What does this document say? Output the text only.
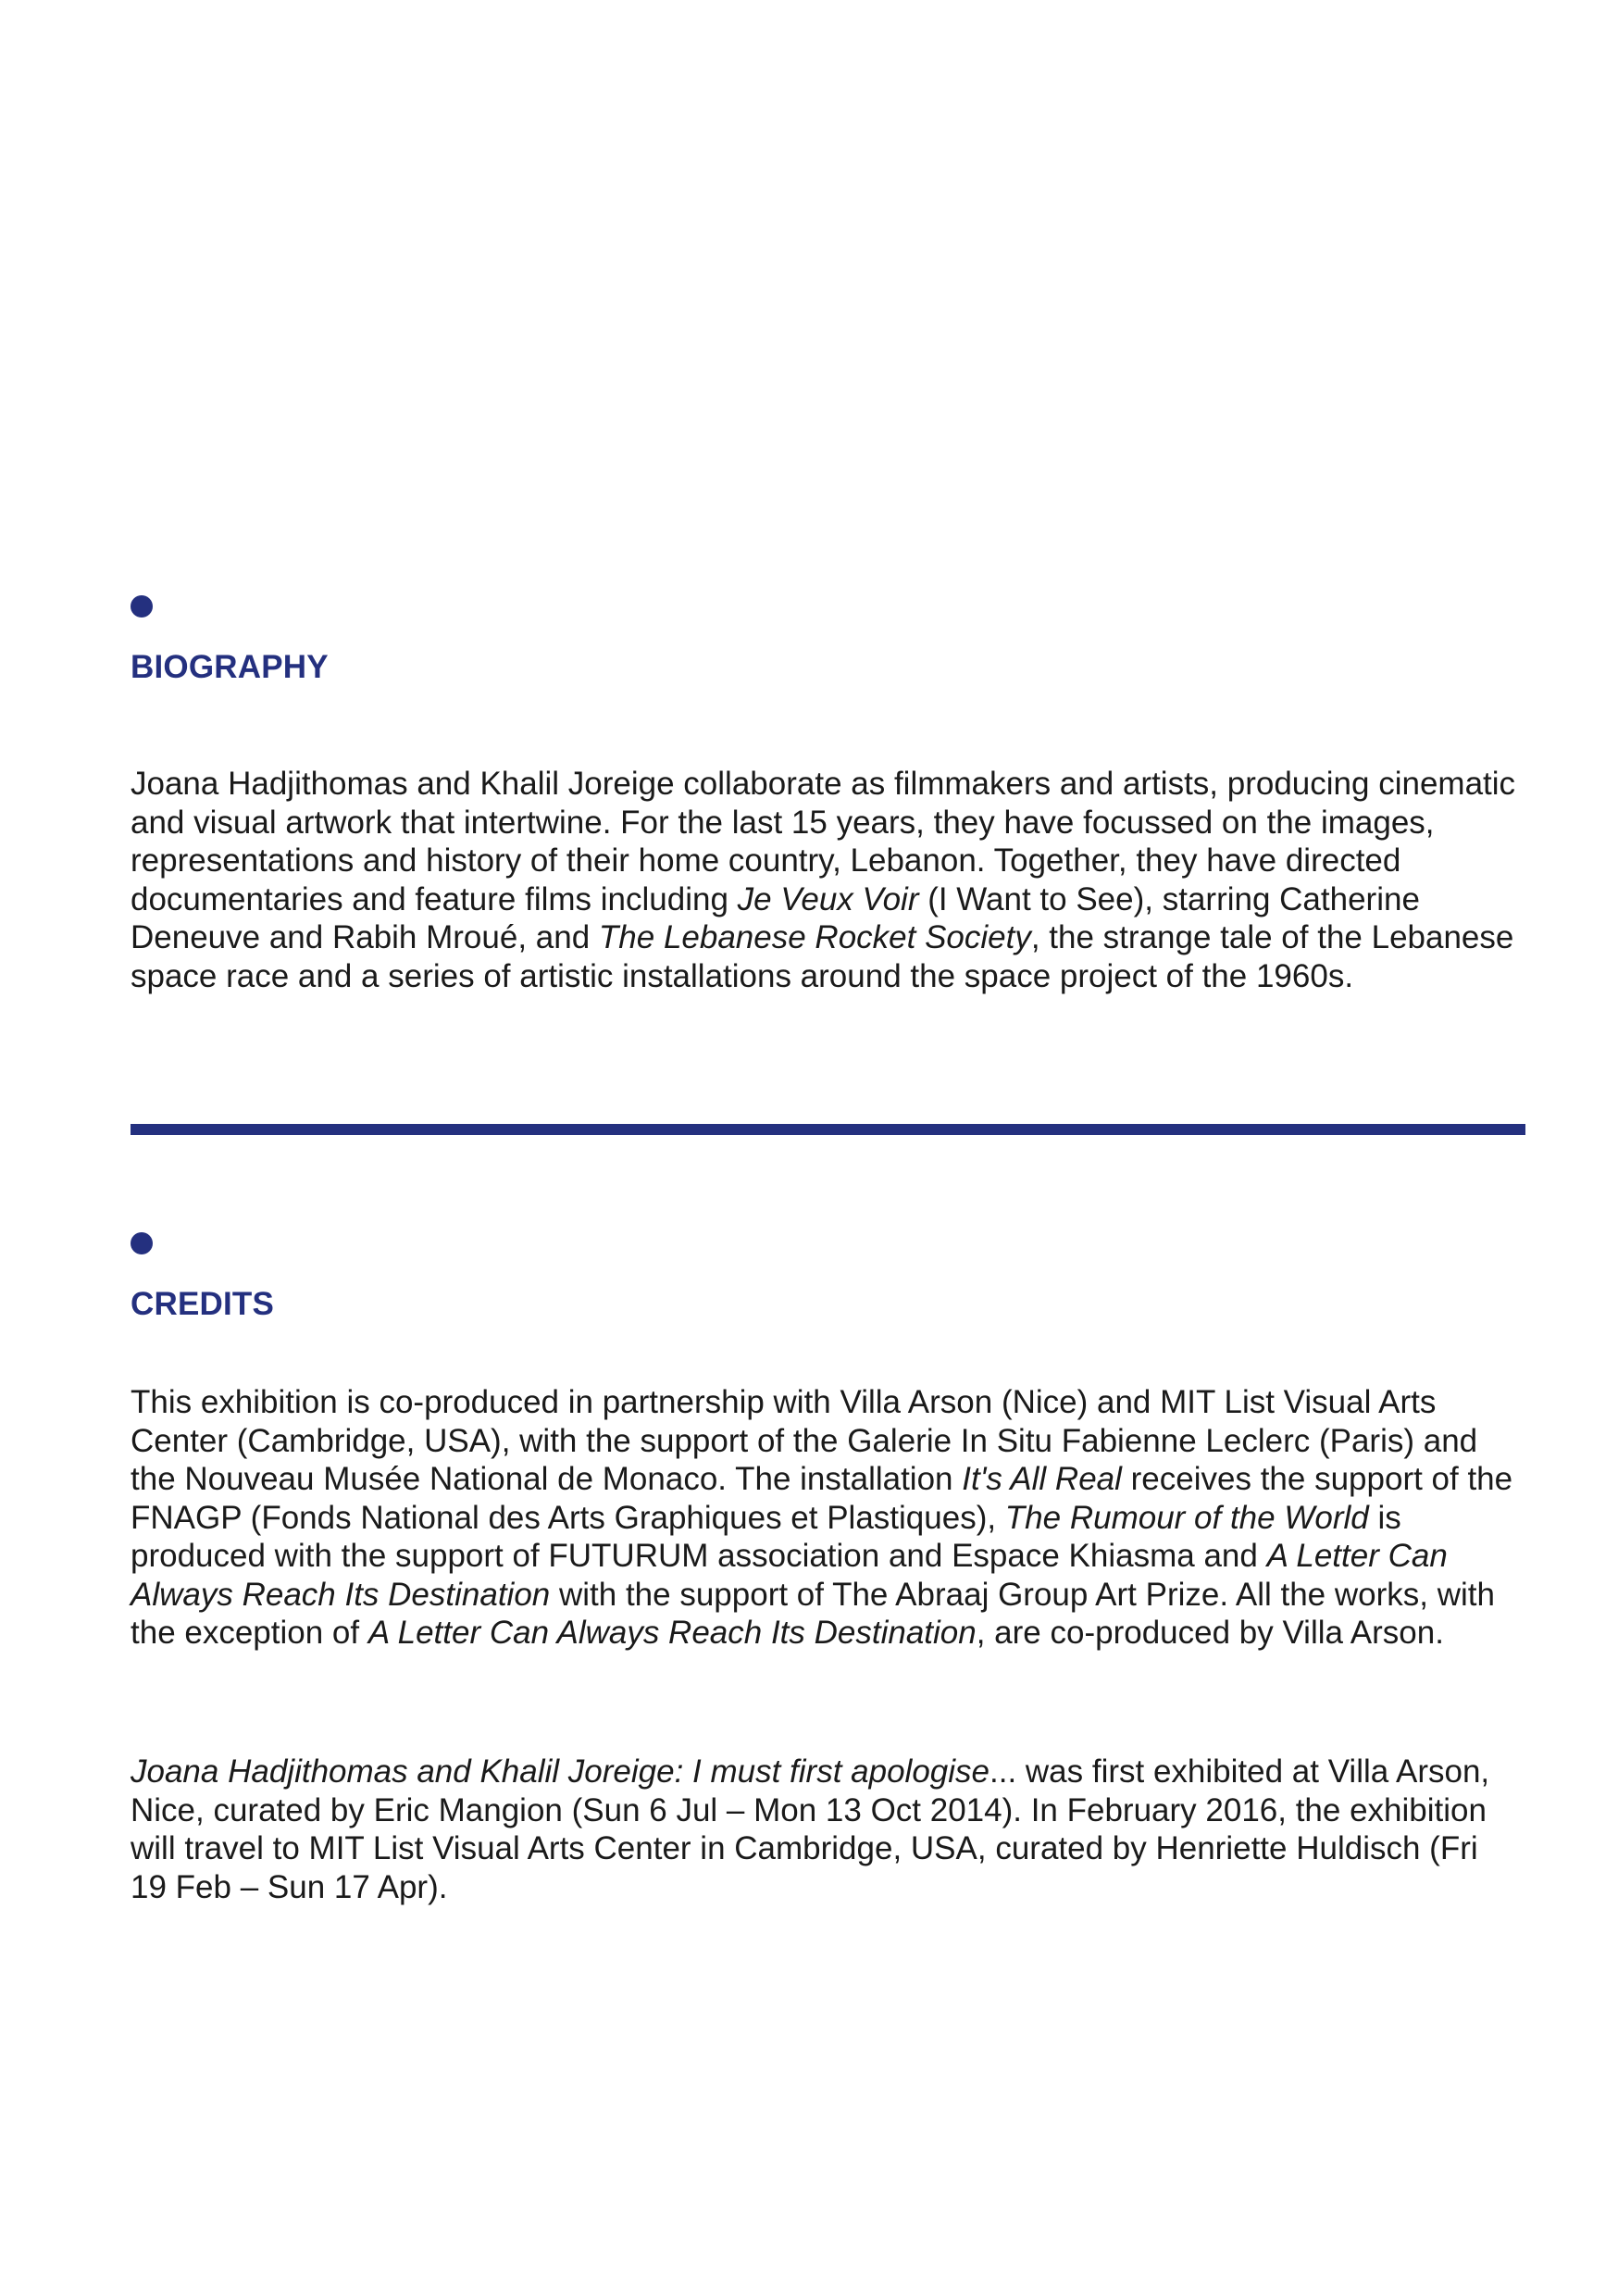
BIOGRAPHY

Joana Hadjithomas and Khalil Joreige collaborate as filmmakers and artists, producing cinematic and visual artwork that intertwine. For the last 15 years, they have focussed on the images, representations and history of their home country, Lebanon. Together, they have directed documentaries and feature films including Je Veux Voir (I Want to See), starring Catherine Deneuve and Rabih Mroué, and The Lebanese Rocket Society, the strange tale of the Lebanese space race and a series of artistic installations around the space project of the 1960s.

CREDITS

This exhibition is co-produced in partnership with Villa Arson (Nice) and MIT List Visual Arts Center (Cambridge, USA), with the support of the Galerie In Situ Fabienne Leclerc (Paris) and the Nouveau Musée National de Monaco. The installation It's All Real receives the support of the FNAGP (Fonds National des Arts Graphiques et Plastiques), The Rumour of the World is produced with the support of FUTURUM association and Espace Khiasma and A Letter Can Always Reach Its Destination with the support of The Abraaj Group Art Prize. All the works, with the exception of A Letter Can Always Reach Its Destination, are co-produced by Villa Arson.

Joana Hadjithomas and Khalil Joreige: I must first apologise... was first exhibited at Villa Arson, Nice, curated by Eric Mangion (Sun 6 Jul – Mon 13 Oct 2014). In February 2016, the exhibition will travel to MIT List Visual Arts Center in Cambridge, USA, curated by Henriette Huldisch (Fri 19 Feb – Sun 17 Apr).
